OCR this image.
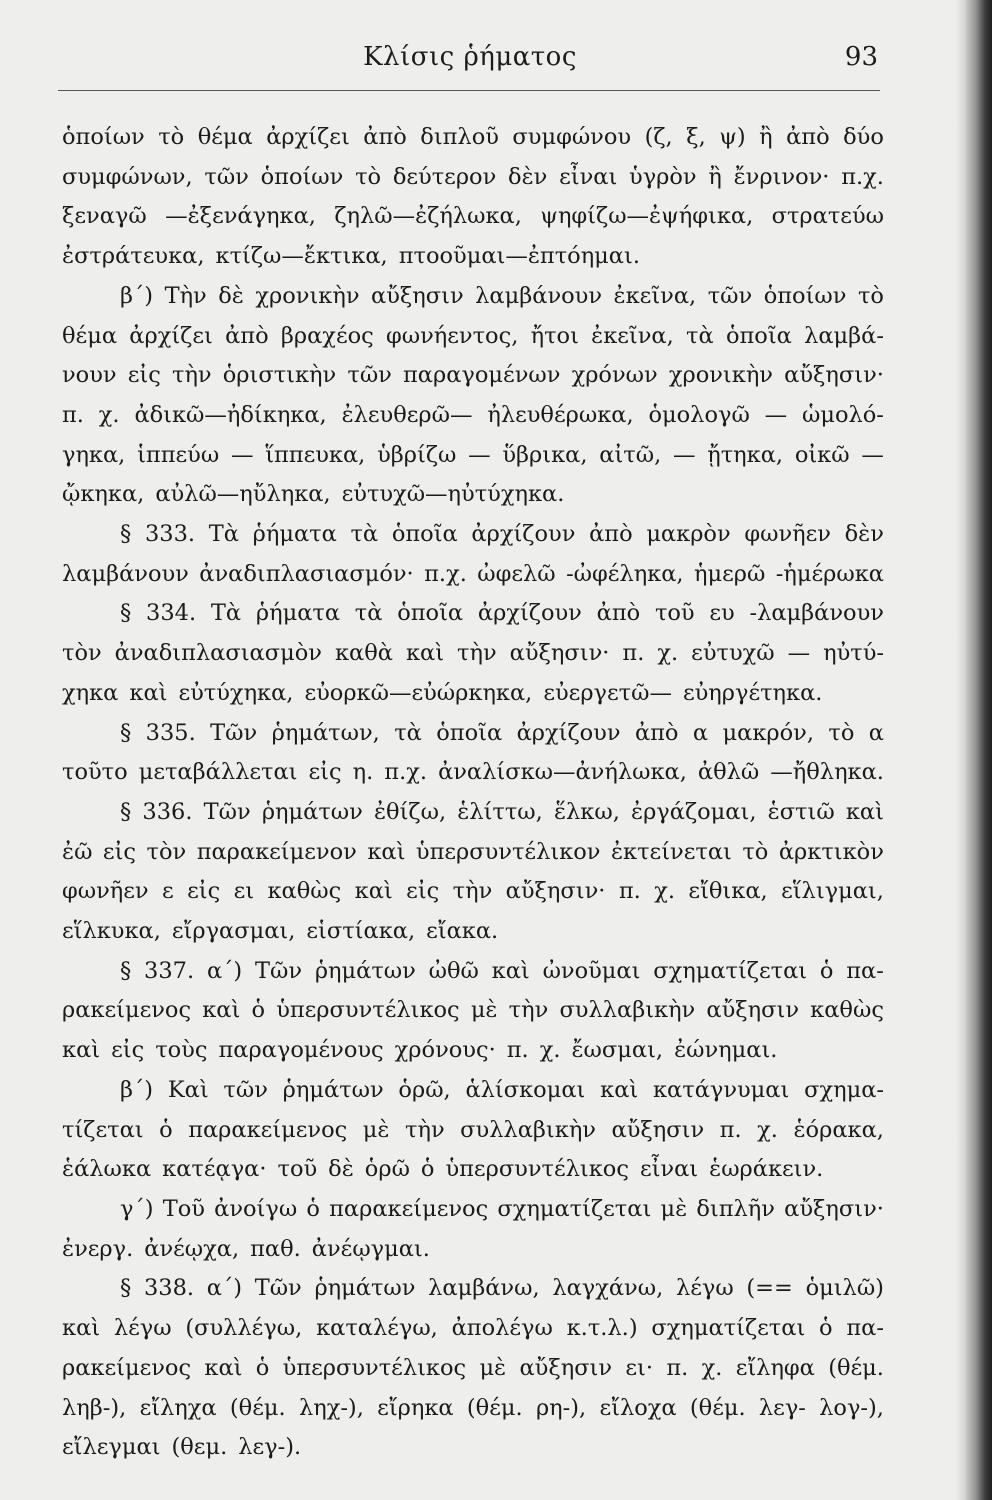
Κλίσις ῥήματος	93
ὁποίων τὸ θέμα ἀρχίζει ἀπὸ διπλοῦ συμφώνου (ζ, ξ, ψ) ἢ ἀπὸ δύο
συμφώνων, τῶν ὁποίων τὸ δεύτερον δὲν εἶναι ὑγρὸν ἢ ἔνρινον· π.χ.
ξεναγῶ —ἐξενάγηκα, ζηλῶ—ἐζήλωκα, ψηφίζω—ἐψήφικα, στρατεύω
ἐστράτευκα, κτίζω—ἔκτικα, πτοοῦμαι—ἐπτόημαι.
β΄) Τὴν δὲ χρονικὴν αὔξησιν λαμβάνουν ἐκεῖνα, τῶν ὁποίων τὸ
θέμα ἀρχίζει ἀπὸ βραχέος φωνήεντος, ἤτοι ἐκεῖνα, τὰ ὁποῖα λαμβά-
νουν εἰς τὴν ὁριστικὴν τῶν παραγομένων χρόνων χρονικὴν αὔξησιν·
π. χ. ἀδικῶ—ἠδίκηκα, ἐλευθερῶ— ἠλευθέρωκα, ὁμολογῶ — ὡμολό-
γηκα, ἱππεύω — ἵππευκα, ὑβρίζω — ὕβρικα, αἰτῶ, — ᾔτηκα, οἰκῶ —
ᾤκηκα, αὐλῶ—ηὔληκα, εὐτυχῶ—ηὐτύχηκα.
§ 333. Τὰ ῥήματα τὰ ὁποῖα ἀρχίζουν ἀπὸ μακρὸν φωνῆεν δὲν
λαμβάνουν ἀναδιπλασιασμόν· π.χ. ὠφελῶ -ὠφέληκα, ἡμερῶ -ἡμέρωκα
§ 334. Τὰ ῥήματα τὰ ὁποῖα ἀρχίζουν ἀπὸ τοῦ ευ -λαμβάνουν
τὸν ἀναδιπλασιασμὸν καθὰ καὶ τὴν αὔξησιν· π. χ. εὐτυχῶ — ηὐτύ-
χηκα καὶ εὐτύχηκα, εὐορκῶ—εὐώρκηκα, εὐεργετῶ— εὐηργέτηκα.
§ 335. Τῶν ῥημάτων, τὰ ὁποῖα ἀρχίζουν ἀπὸ α μακρόν, τὸ α
τοῦτο μεταβάλλεται εἰς η. π.χ. ἀναλίσκω—ἀνήλωκα, ἀθλῶ —ἤθληκα.
§ 336. Τῶν ῥημάτων ἐθίζω, ἑλίττω, ἕλκω, ἐργάζομαι, ἑστιῶ καὶ
ἐῶ εἰς τὸν παρακείμενον καὶ ὑπερσυντέλικον ἐκτείνεται τὸ ἀρκτικὸν
φωνῆεν ε εἰς ει καθὼς καὶ εἰς τὴν αὔξησιν· π. χ. εἴθικα, εἵλιγμαι,
εἵλκυκα, εἴργασμαι, εἱστίακα, εἴακα.
§ 337. α΄) Τῶν ῥημάτων ὠθῶ καὶ ὠνοῦμαι σχηματίζεται ὁ πα-
ρακείμενος καὶ ὁ ὑπερσυντέλικος μὲ τὴν συλλαβικὴν αὔξησιν καθὼς
καὶ εἰς τοὺς παραγομένους χρόνους· π. χ. ἔωσμαι, ἐώνημαι.
β΄) Καὶ τῶν ῥημάτων ὁρῶ, ἁλίσκομαι καὶ κατάγνυμαι σχημα-
τίζεται ὁ παρακείμενος μὲ τὴν συλλαβικὴν αὔξησιν π. χ. ἑόρακα,
ἑάλωκα κατέᾳγα· τοῦ δὲ ὁρῶ ὁ ὑπερσυντέλικος εἶναι ἑωράκειν.
γ΄) Τοῦ ἀνοίγω ὁ παρακείμενος σχηματίζεται μὲ διπλῆν αὔξησιν·
ἐνεργ. ἀνέῳχα, παθ. ἀνέῳγμαι.
§ 338. α΄) Τῶν ῥημάτων λαμβάνω, λαγχάνω, λέγω (== ὁμιλῶ)
καὶ λέγω (συλλέγω, καταλέγω, ἀπολέγω κ.τ.λ.) σχηματίζεται ὁ πα-
ρακείμενος καὶ ὁ ὑπερσυντέλικος μὲ αὔξησιν ει· π. χ. εἴληφα (θέμ.
ληβ-), εἴληχα (θέμ. ληχ-), εἴρηκα (θέμ. ρη-), εἴλοχα (θέμ. λεγ- λογ-),
εἴλεγμαι (θεμ. λεγ-).
